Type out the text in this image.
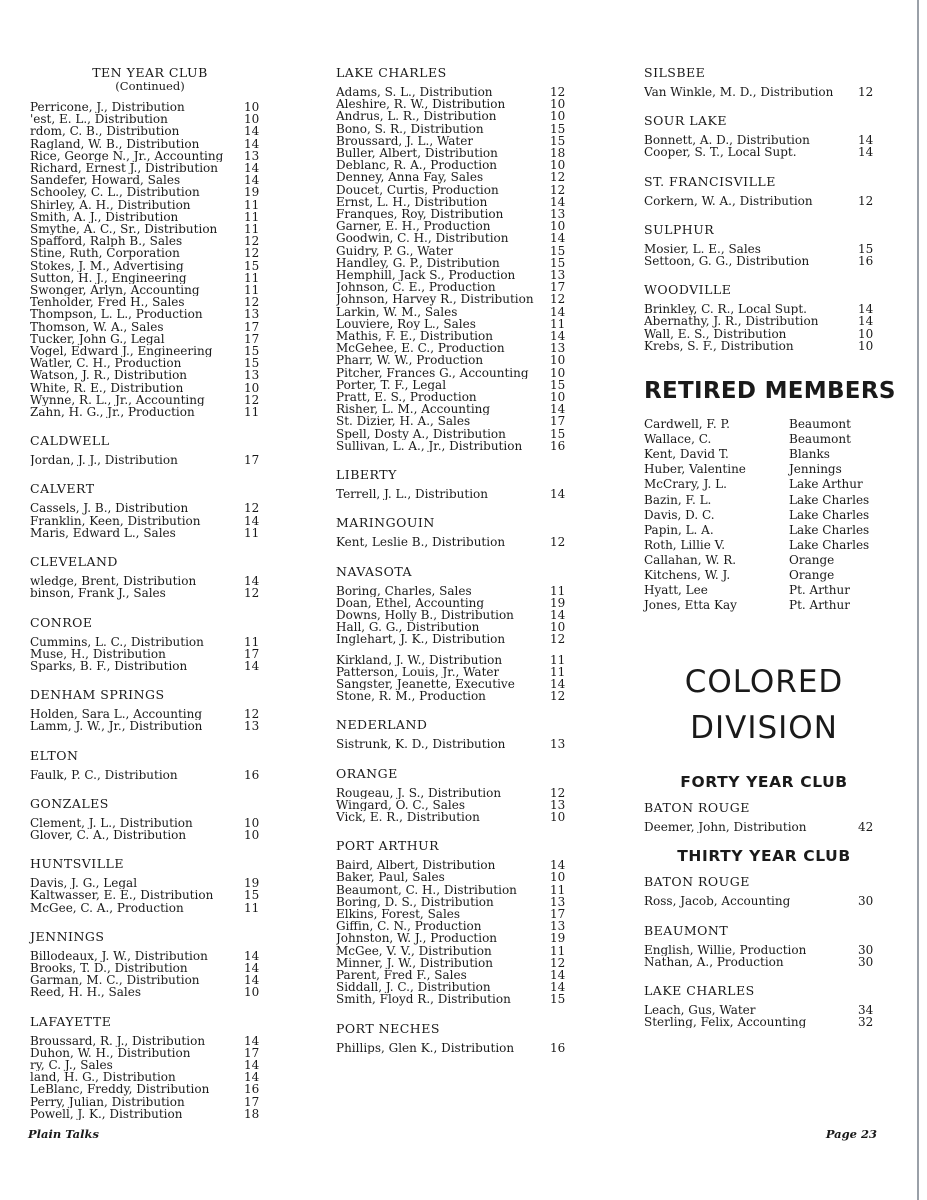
TEN YEAR CLUB
(Continued)
Perricone, J., Distribution	10
'est, E. L., Distribution	10
rdom, C. B., Distribution	14
Ragland, W. B., Distribution	14
Rice, George N., Jr., Accounting 13
Richard, Ernest J., Distribution 14
Sandefer, Howard, Sales	14
Schooley, C. L., Distribution	19
Shirley, A. H., Distribution	11
Smith, A. J., Distribution	11
Smythe, A. C., Sr., Distribution 11
Spafford, Ralph B., Sales	12
Stine, Ruth, Corporation	12
Stokes, J. M., Advertising	15
Sutton, H. J., Engineering	11
Swonger, Arlyn, Accounting	11
Tenholder, Fred H., Sales	12
Thompson, L. L., Production	13
Thomson, W. A., Sales	17
Tucker, John G., Legal	17
Vogel, Edward J., Engineering	15
Watler, C. H., Production	15
Watson, J. R., Distribution	13
White, R. E., Distribution	10
Wynne, R. L., Jr., Accounting	12
Zahn, H. G., Jr., Production	11
CALDWELL
Jordan, J. J., Distribution	17
CALVERT
Cassels, J. B., Distribution	12
Franklin, Keen, Distribution	14
Maris, Edward L., Sales	11
CLEVELAND
wledge, Brent, Distribution	14
binson, Frank J., Sales	12
CONROE
Cummins, L. C., Distribution	11
Muse, H., Distribution	17
Sparks, B. F., Distribution	14
DENHAM SPRINGS
Holden, Sara L., Accounting	12
Lamm, J. W., Jr., Distribution	13
ELTON
Faulk, P. C., Distribution	16
GONZALES
Clement, J. L., Distribution	10
Glover, C. A., Distribution	10
HUNTSVILLE
Davis, J. G., Legal	19
Kaltwasser, E. E., Distribution	15
McGee, C. A., Production	11
JENNINGS
Billodeaux, J. W., Distribution	14
Brooks, T. D., Distribution	14
Garman, M. C., Distribution	14
Reed, H. H., Sales	10
LAFAYETTE
Broussard, R. J., Distribution	14
Duhon, W. H., Distribution	17
ry, C. J., Sales	14
land, H. G., Distribution	14
LeBlanc, Freddy, Distribution	16
Perry, Julian, Distribution	17
Powell, J. K., Distribution	18
LAKE CHARLES
Adams, S. L., Distribution	12
Aleshire, R. W., Distribution	10
Andrus, L. R., Distribution	10
Bono, S. R., Distribution	15
Broussard, J. L., Water	15
Buller, Albert, Distribution	18
Deblanc, R. A., Production	10
Denney, Anna Fay, Sales	12
Doucet, Curtis, Production	12
Ernst, L. H., Distribution	14
Franques, Roy, Distribution	13
Garner, E. H., Production	10
Goodwin, C. H., Distribution	14
Guidry, P. G., Water	15
Handley, G. P., Distribution	15
Hemphill, Jack S., Production	13
Johnson, C. E., Production	17
Johnson, Harvey R., Distribution 12
Larkin, W. M., Sales	14
Louviere, Roy L., Sales	11
Mathis, F. E., Distribution	14
McGehee, E. C., Production	13
Pharr, W. W., Production	10
Pitcher, Frances G., Accounting 10
Porter, T. F., Legal	15
Pratt, E. S., Production	10
Risher, L. M., Accounting	14
St. Dizier, H. A., Sales	17
Spell, Dosty A., Distribution	15
Sullivan, L. A., Jr., Distribution 16
LIBERTY
Terrell, J. L., Distribution	14
MARINGOUIN
Kent, Leslie B., Distribution	12
NAVASOTA
Boring, Charles, Sales	11
Doan, Ethel, Accounting	19
Downs, Holly B., Distribution	14
Hall, G. G., Distribution	10
Inglehart, J. K., Distribution	12
Kirkland, J. W., Distribution	11
Patterson, Louis, Jr., Water	11
Sangster, Jeanette, Executive	14
Stone, R. M., Production	12
NEDERLAND
Sistrunk, K. D., Distribution	13
ORANGE
Rougeau, J. S., Distribution	12
Wingard, O. C., Sales	13
Vick, E. R., Distribution	10
PORT ARTHUR
Baird, Albert, Distribution	14
Baker, Paul, Sales	10
Beaumont, C. H., Distribution	11
Boring, D. S., Distribution	13
Elkins, Forest, Sales	17
Giffin, C. N., Production	13
Johnston, W. J., Production	19
McGee, V. V., Distribution	11
Minner, J. W., Distribution	12
Parent, Fred F., Sales	14
Siddall, J. C., Distribution	14
Smith, Floyd R., Distribution	15
PORT NECHES
Phillips, Glen K., Distribution	16
SILSBEE
Van Winkle, M. D., Distribution 12
SOUR LAKE
Bonnett, A. D., Distribution	14
Cooper, S. T., Local Supt.	14
ST. FRANCISVILLE
Corkern, W. A., Distribution	12
SULPHUR
Mosier, L. E., Sales	15
Settoon, G. G., Distribution	16
WOODVILLE
Brinkley, C. R., Local Supt.	14
Abernathy, J. R., Distribution	14
Wall, E. S., Distribution	10
Krebs, S. F., Distribution	10
RETIRED MEMBERS
Cardwell, F. P.	Beaumont
Wallace, C.	Beaumont
Kent, David T.	Blanks
Huber, Valentine	Jennings
McCrary, J. L.	Lake Arthur
Bazin, F. L.	Lake Charles
Davis, D. C.	Lake Charles
Papin, L. A.	Lake Charles
Roth, Lillie V.	Lake Charles
Callahan, W. R.	Orange
Kitchens, W. J.	Orange
Hyatt, Lee	Pt. Arthur
Jones, Etta Kay	Pt. Arthur
COLORED
DIVISION
FORTY YEAR CLUB
BATON ROUGE
Deemer, John, Distribution	42
THIRTY YEAR CLUB
BATON ROUGE
Ross, Jacob, Accounting	30
BEAUMONT
English, Willie, Production	30
Nathan, A., Production	30
LAKE CHARLES
Leach, Gus, Water	34
Sterling, Felix, Accounting	32
Plain Talks	Page 23
